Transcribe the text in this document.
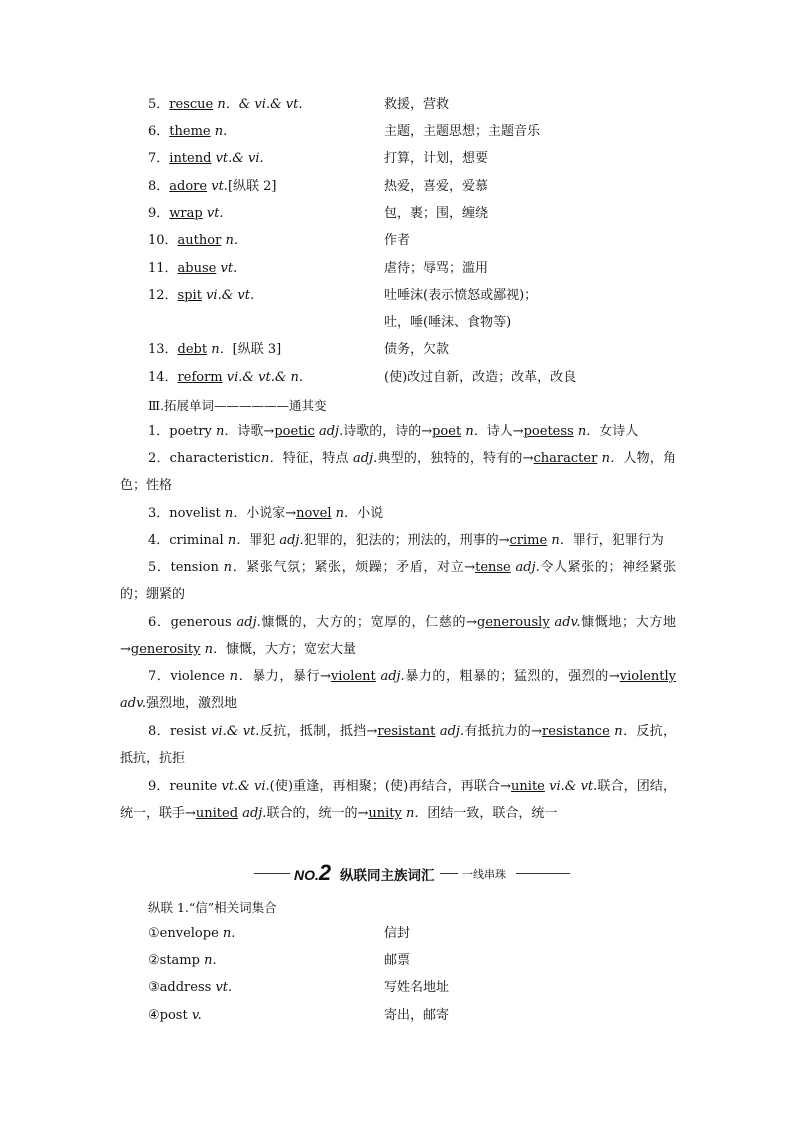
5．rescue n．& vi.& vt.	救援，营救
6．theme n.	主题，主题思想；主题音乐
7．intend vt.& vi.	打算，计划，想要
8．adore vt.[纵联 2]	热爱，喜爱，爱慕
9．wrap vt.	包，裹；围，缠绕
10．author n.	作者
11．abuse vt.	虐待；辱骂；滥用
12．spit vi.& vt.	吐唾沫(表示愤怒或鄙视)；
吐，唾(唾沫、食物等)
13．debt n．[纵联 3]	债务，欠款
14．reform vi.& vt.& n.	(使)改过自新，改造；改革，改良
Ⅲ.拓展单词——————通其变
1．poetry n．诗歌→poetic adj.诗歌的，诗的→poet n．诗人→poetess n．女诗人
2．characteristicn．特征，特点 adj.典型的，独特的，特有的→character n．人物，角色；性格
3．novelist n．小说家→novel n．小说
4．criminal n．罪犯 adj.犯罪的，犯法的；刑法的，刑事的→crime n．罪行，犯罪行为
5．tension n．紧张气氛；紧张，烦躁；矛盾，对立→tense adj.令人紧张的；神经紧张的；绷紧的
6．generous adj.慷慨的，大方的；宽厚的，仁慈的→generously adv.慷慨地；大方地→generosity n．慷慨，大方；宽宏大量
7．violence n．暴力，暴行→violent adj.暴力的，粗暴的；猛烈的，强烈的→violently adv.强烈地，激烈地
8．resist vi.& vt.反抗，抵制，抵挡→resistant adj.有抵抗力的→resistance n．反抗，抵抗，抗拒
9．reunite vt.& vi.(使)重逢，再相聚；(使)再结合，再联合→unite vi.& vt.联合，团结，统一，联手→united adj.联合的，统一的→unity n．团结一致，联合，统一
NO.2 纵联同主族词汇	一线串珠
纵联 1.“信”相关词集合
①envelope n.	信封
②stamp n.	邮票
③address vt.	写姓名地址
④post v.	寄出，邮寄
